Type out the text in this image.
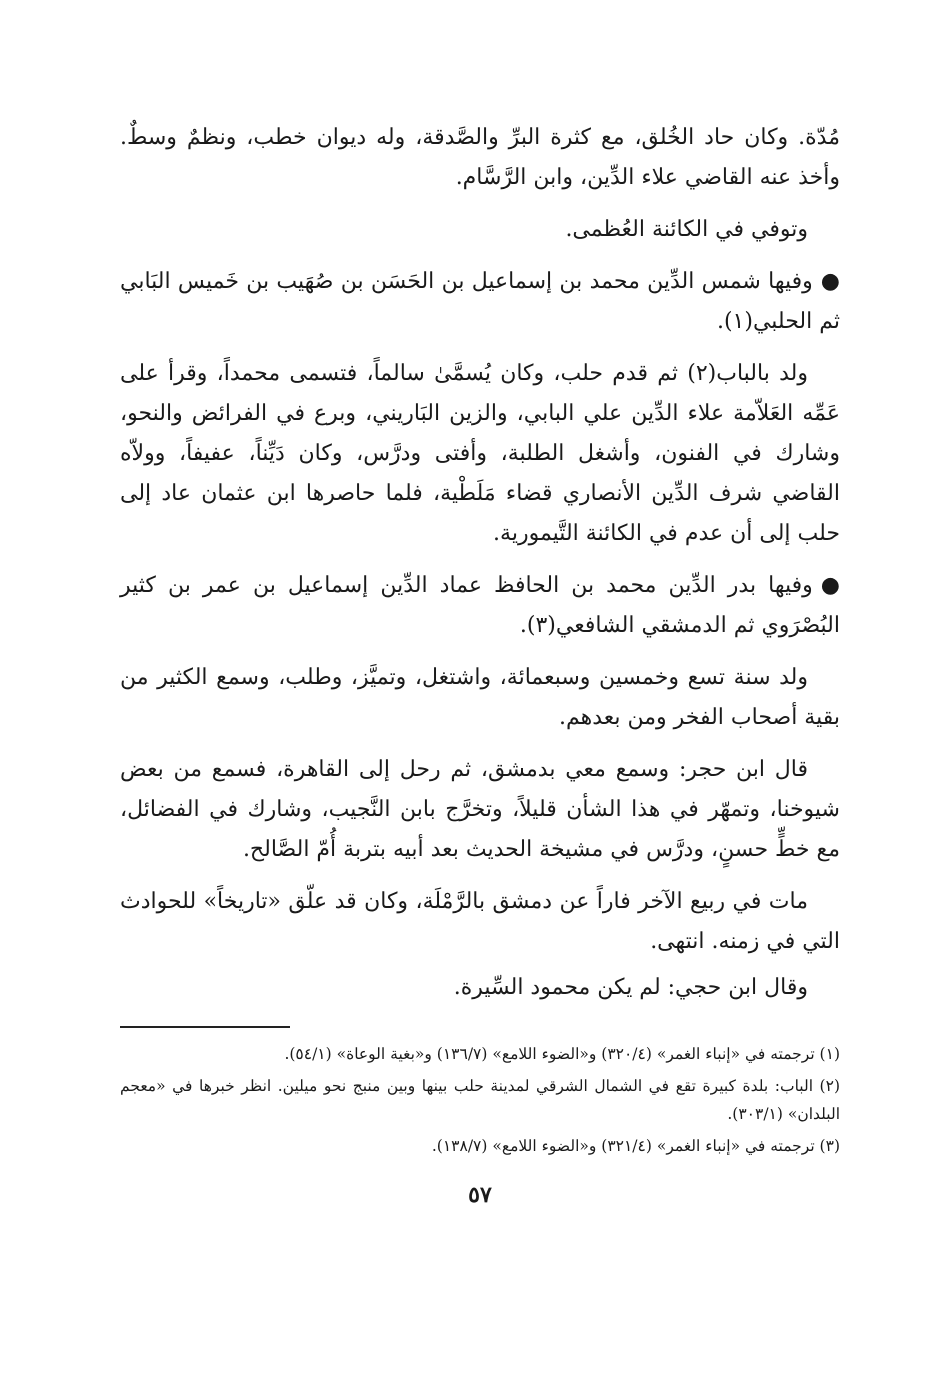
مُدّة. وكان حاد الخُلق، مع كثرة البرِّ والصَّدقة، وله ديوان خطب، ونظمٌ وسطٌ. وأخذ عنه القاضي علاء الدِّين، وابن الرَّسَّام.

وتوفي في الكائنة العُظمى.

●وفيها شمس الدِّين محمد بن إسماعيل بن الحَسَن بن صُهَيب بن خَميس البَابي ثم الحلبي(١).

ولد بالباب(٢) ثم قدم حلب، وكان يُسمَّىٰ سالماً، فتسمى محمداً، وقرأ على عَمِّه العَلاّمة علاء الدِّين علي البابي، والزين البَاريني، وبرع في الفرائض والنحو، وشارك في الفنون، وأشغل الطلبة، وأفتى ودرَّس، وكان دَيِّناً، عفيفاً، وولاّه القاضي شرف الدِّين الأنصاري قضاء مَلَطْية، فلما حاصرها ابن عثمان عاد إلى حلب إلى أن عدم في الكائنة التَّيمورية.

●وفيها بدر الدِّين محمد بن الحافظ عماد الدِّين إسماعيل بن عمر بن كثير البُصْرَوي ثم الدمشقي الشافعي(٣).

ولد سنة تسع وخمسين وسبعمائة، واشتغل، وتميَّز، وطلب، وسمع الكثير من بقية أصحاب الفخر ومن بعدهم.

قال ابن حجر: وسمع معي بدمشق، ثم رحل إلى القاهرة، فسمع من بعض شيوخنا، وتمهّر في هذا الشأن قليلاً، وتخرَّج بابن النَّجيب، وشارك في الفضائل، مع خطٍّ حسنٍ، ودرَّس في مشيخة الحديث بعد أبيه بتربة أُمّ الصَّالح.

مات في ربيع الآخر فاراً عن دمشق بالرَّمْلَة، وكان قد علّق «تاريخاً» للحوادث التي في زمنه. انتهى.

وقال ابن حجي: لم يكن محمود السِّيرة.

(١) ترجمته في «إنباء الغمر» (٣٢٠/٤) و«الضوء اللامع» (١٣٦/٧) و«بغية الوعاة» (٥٤/١).

(٢) الباب: بلدة كبيرة تقع في الشمال الشرقي لمدينة حلب بينها وبين منبج نحو ميلين. انظر خبرها في «معجم البلدان» (٣٠٣/١).

(٣) ترجمته في «إنباء الغمر» (٣٢١/٤) و«الضوء اللامع» (١٣٨/٧).

٥٧
